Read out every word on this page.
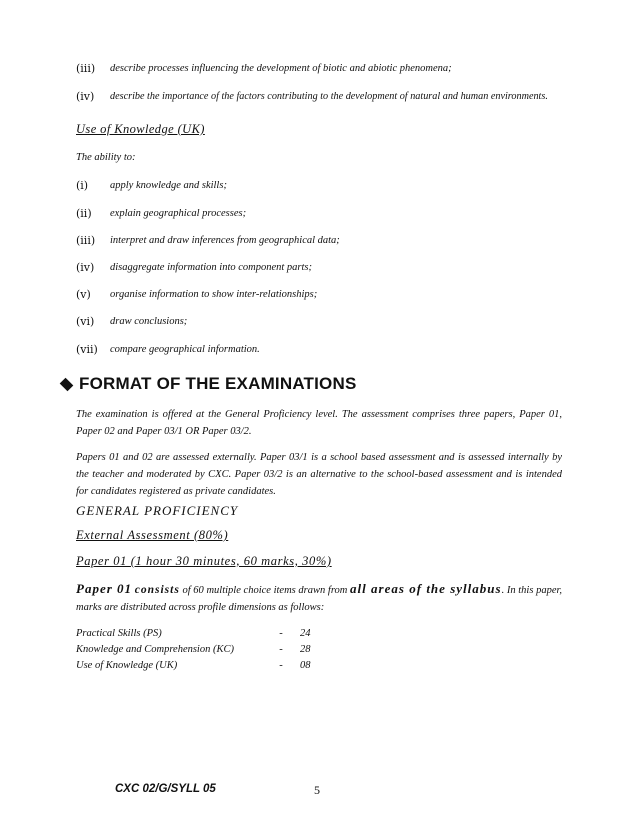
(iii)	describe processes influencing the development of biotic and abiotic phenomena;
(iv)	describe the importance of the factors contributing to the development of natural and human environments.
Use of Knowledge (UK)
The ability to:
(i)	apply knowledge and skills;
(ii)	explain geographical processes;
(iii)	interpret and draw inferences from geographical data;
(iv)	disaggregate information into component parts;
(v)	organise information to show inter-relationships;
(vi)	draw conclusions;
(vii)	compare geographical information.
FORMAT OF THE EXAMINATIONS
The examination is offered at the General Proficiency level. The assessment comprises three papers, Paper 01, Paper 02 and Paper 03/1 OR Paper 03/2.
Papers 01 and 02 are assessed externally. Paper 03/1 is a school based assessment and is assessed internally by the teacher and moderated by CXC. Paper 03/2 is an alternative to the school-based assessment and is intended for candidates registered as private candidates.
GENERAL PROFICIENCY
External Assessment (80%)
Paper 01 (1 hour 30 minutes, 60 marks, 30%)
Paper 01 consists of 60 multiple choice items drawn from all areas of the syllabus. In this paper, marks are distributed across profile dimensions as follows:
Practical Skills (PS)	-	24
Knowledge and Comprehension (KC)	-	28
Use of Knowledge (UK)	-	08
CXC 02/G/SYLL 05	5
